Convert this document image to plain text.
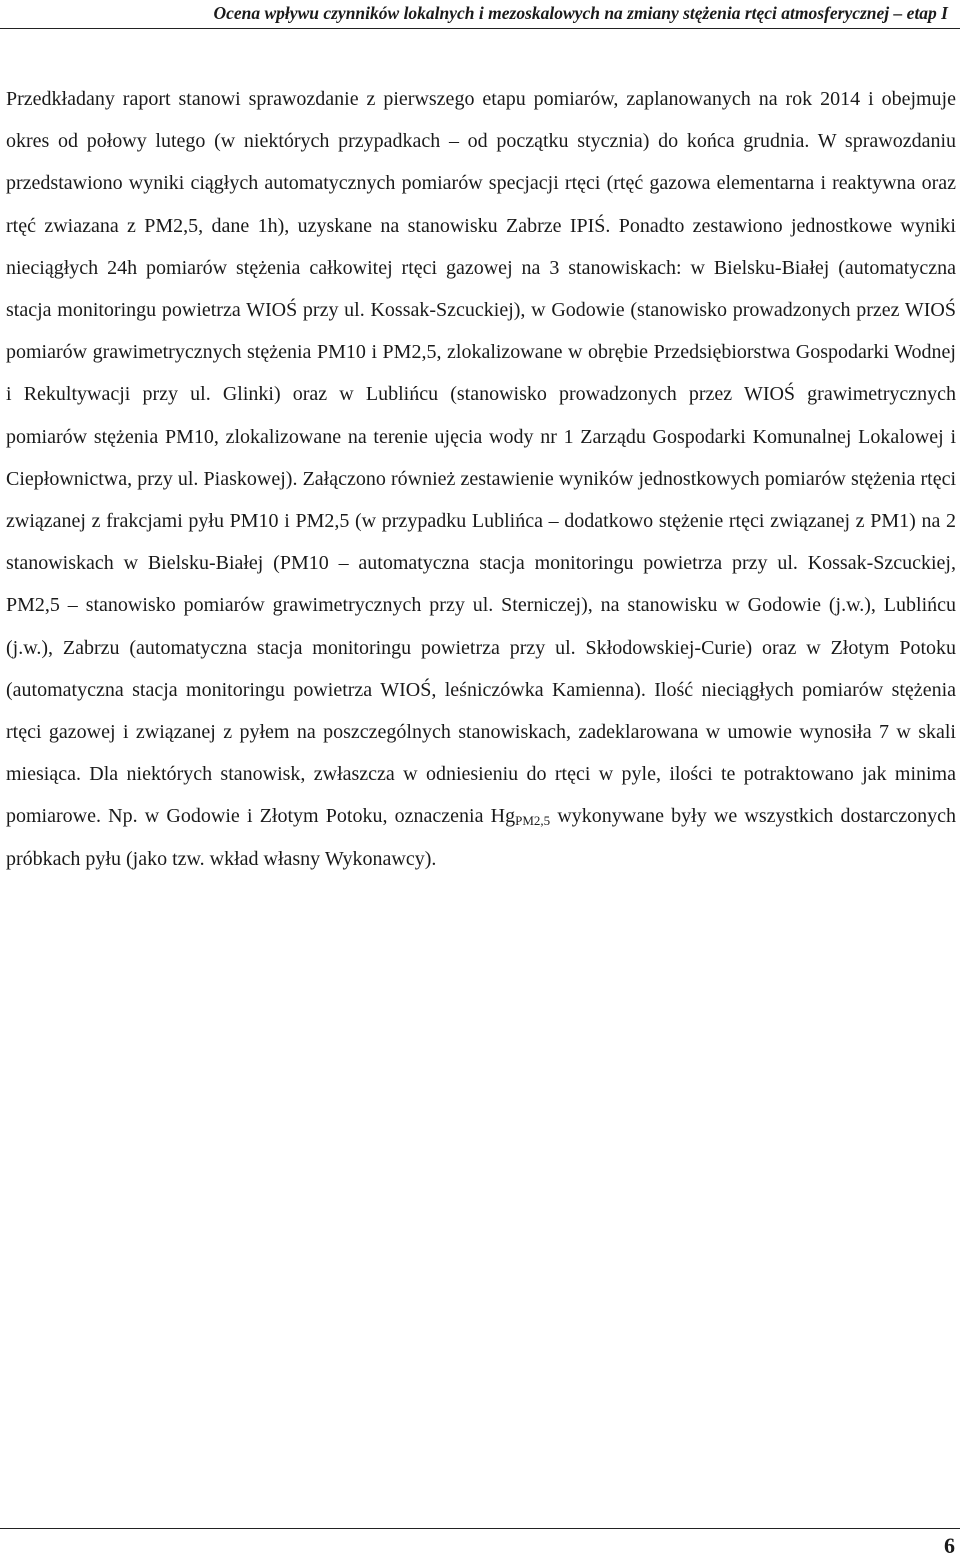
Ocena wpływu czynników lokalnych i mezoskalowych na zmiany stężenia rtęci atmosferycznej – etap I

Przedkładany raport stanowi sprawozdanie z pierwszego etapu pomiarów, zaplanowanych na rok 2014 i obejmuje okres od połowy lutego (w niektórych przypadkach – od początku stycznia) do końca grudnia. W sprawozdaniu przedstawiono wyniki ciągłych automatycznych pomiarów specjacji rtęci (rtęć gazowa elementarna i reaktywna oraz rtęć zwiazana z PM2,5, dane 1h), uzyskane na stanowisku Zabrze IPIŚ. Ponadto zestawiono jednostkowe wyniki nieciągłych 24h pomiarów stężenia całkowitej rtęci gazowej na 3 stanowiskach: w Bielsku-Białej (automatyczna stacja monitoringu powietrza WIOŚ przy ul. Kossak-Szcuckiej), w Godowie (stanowisko prowadzonych przez WIOŚ pomiarów grawimetrycznych stężenia PM10 i PM2,5, zlokalizowane w obrębie Przedsiębiorstwa Gospodarki Wodnej i Rekultywacji przy ul. Glinki) oraz w Lublińcu (stanowisko prowadzonych przez WIOŚ grawimetrycznych pomiarów stężenia PM10, zlokalizowane na terenie ujęcia wody nr 1 Zarządu Gospodarki Komunalnej Lokalowej i Ciepłownictwa, przy ul. Piaskowej). Załączono również zestawienie wyników jednostkowych pomiarów stężenia rtęci związanej z frakcjami pyłu PM10 i PM2,5 (w przypadku Lublińca – dodatkowo stężenie rtęci związanej z PM1) na 2 stanowiskach w Bielsku-Białej (PM10 – automatyczna stacja monitoringu powietrza przy ul. Kossak-Szcuckiej, PM2,5 – stanowisko pomiarów grawimetrycznych przy ul. Sterniczej), na stanowisku w Godowie (j.w.), Lublińcu (j.w.), Zabrzu (automatyczna stacja monitoringu powietrza przy ul. Skłodowskiej-Curie) oraz w Złotym Potoku (automatyczna stacja monitoringu powietrza WIOŚ, leśniczówka Kamienna). Ilość nieciągłych pomiarów stężenia rtęci gazowej i związanej z pyłem na poszczególnych stanowiskach, zadeklarowana w umowie wynosiła 7 w skali miesiąca. Dla niektórych stanowisk, zwłaszcza w odniesieniu do rtęci w pyle, ilości te potraktowano jak minima pomiarowe. Np. w Godowie i Złotym Potoku, oznaczenia $Hg_{PM2,5}$ wykonywane były we wszystkich dostarczonych próbkach pyłu (jako tzw. wkład własny Wykonawcy).

6
